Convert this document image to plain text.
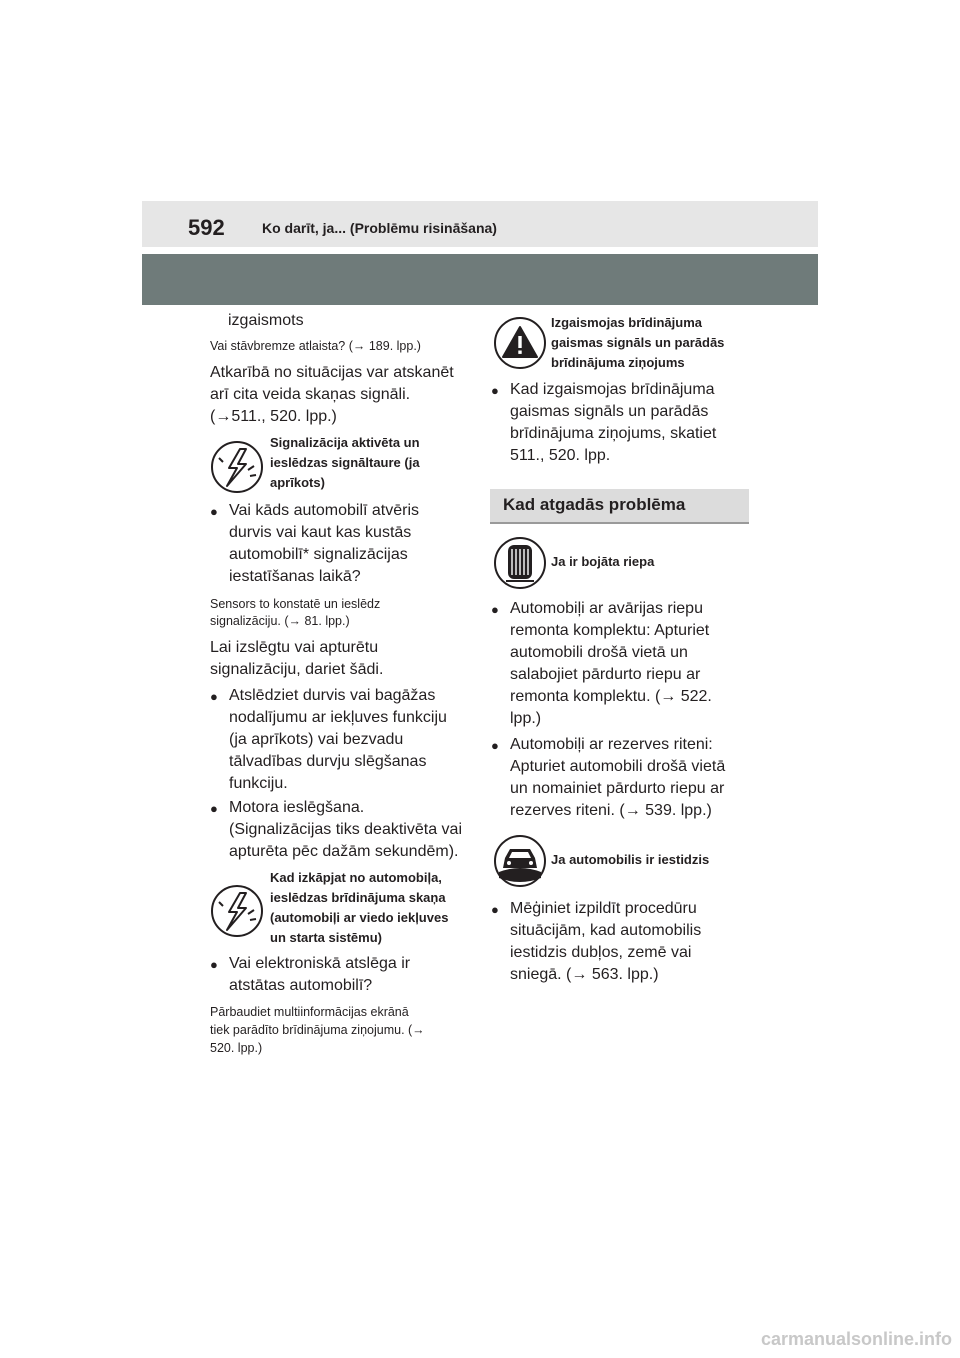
592	Ko darīt, ja... (Problēmu risināšana)

izgaismots

Vai stāvbremze atlaista? (→ 189. lpp.)

Atkarībā no situācijas var atskanēt

arī cita veida skaņas signāli.

(→511., 520. lpp.)

Signalizācija aktivēta un

ieslēdzas signāltaure (ja

aprīkots)

● Vai kāds automobilī atvēris

durvis vai kaut kas kustās

automobilī* signalizācijas

iestatīšanas laikā?

Sensors to konstatē un ieslēdz

signalizāciju. (→ 81. lpp.)

Lai izslēgtu vai apturētu

signalizāciju, dariet šādi.

● Atslēdziet durvis vai bagāžas

nodalījumu ar iekļuves funkciju

(ja aprīkots) vai bezvadu

tālvadības durvju slēgšanas

funkciju.

● Motora ieslēgšana.

(Signalizācijas tiks deaktivēta vai

apturēta pēc dažām sekundēm).

Kad izkāpjat no automobiļa,

ieslēdzas brīdinājuma skaņa

(automobiļi ar viedo iekļuves

un starta sistēmu)

● Vai elektroniskā atslēga ir

atstātas automobilī?

Pārbaudiet multiinformācijas ekrānā

tiek parādīto brīdinājuma ziņojumu. (→

520. lpp.)

Izgaismojas brīdinājuma

gaismas signāls un parādās

brīdinājuma ziņojums

● Kad izgaismojas brīdinājuma

gaismas signāls un parādās

brīdinājuma ziņojums, skatiet

511., 520. lpp.

Kad atgadās problēma

Ja ir bojāta riepa

● Automobiļi ar avārijas riepu

remonta komplektu: Apturiet

automobili drošā vietā un

salabojiet pārdurto riepu ar

remonta komplektu. (→ 522.

lpp.)

● Automobiļi ar rezerves riteni:

Apturiet automobili drošā vietā

un nomainiet pārdurto riepu ar

rezerves riteni. (→ 539. lpp.)

Ja automobilis ir iestidzis

● Mēģiniet izpildīt procedūru

situācijām, kad automobilis

iestidzis dubļos, zemē vai

sniegā. (→ 563. lpp.)

carmanualsonline.info
